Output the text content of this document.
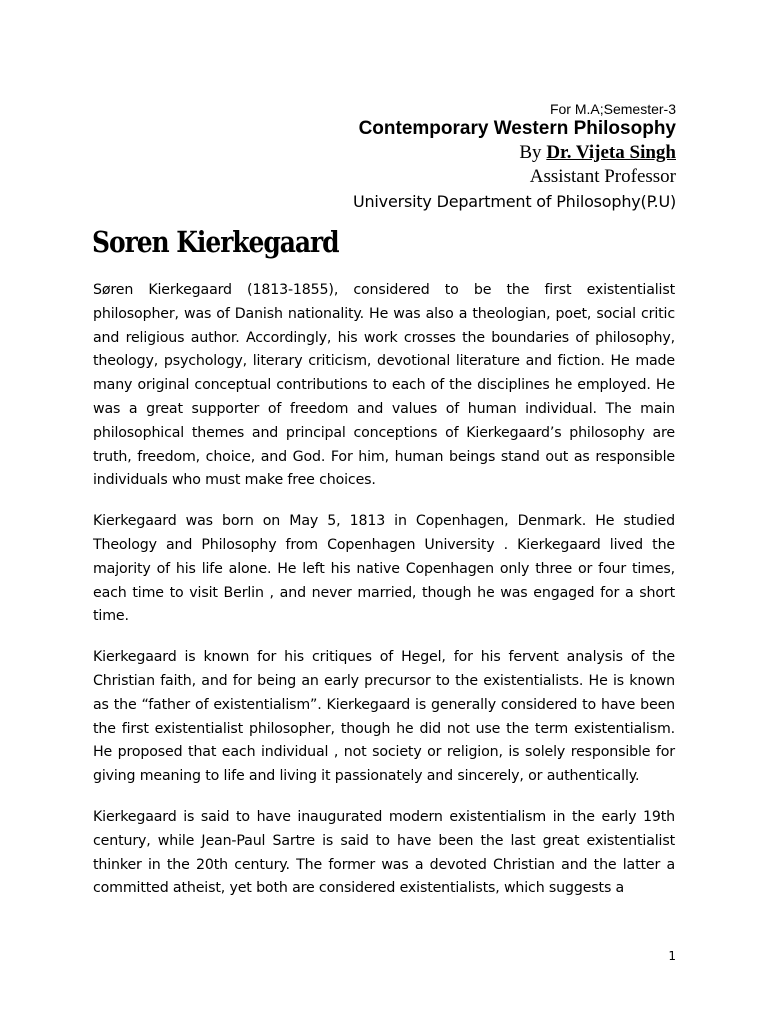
For M.A;Semester-3
Contemporary Western Philosophy
By Dr. Vijeta Singh
Assistant Professor
University Department of Philosophy(P.U)
Soren Kierkegaard

Søren Kierkegaard (1813-1855), considered to be the first existentialist philosopher, was of Danish nationality. He was also a theologian, poet, social critic and religious author. Accordingly, his work crosses the boundaries of philosophy, theology, psychology, literary criticism, devotional literature and fiction. He made many original conceptual contributions to each of the disciplines he employed. He was a great supporter of freedom and values of human individual. The main philosophical themes and principal conceptions of Kierkegaard’s philosophy are truth, freedom, choice, and God. For him, human beings stand out as responsible individuals who must make free choices.

Kierkegaard was born on May 5, 1813 in Copenhagen, Denmark. He studied Theology and Philosophy from Copenhagen University . Kierkegaard lived the majority of his life alone. He left his native Copenhagen only three or four times, each time to visit Berlin , and never married, though he was engaged for a short time.

Kierkegaard is known for his critiques of Hegel, for his fervent analysis of the Christian faith, and for being an early precursor to the existentialists. He is known as the “father of existentialism”. Kierkegaard is generally considered to have been the first existentialist philosopher, though he did not use the term existentialism. He proposed that each individual , not society or religion, is solely responsible for giving meaning to life and living it passionately and sincerely, or authentically.

Kierkegaard is said to have inaugurated modern existentialism in the early 19th century, while Jean-Paul Sartre is said to have been the last great existentialist thinker in the 20th century. The former was a devoted Christian and the latter a committed atheist, yet both are considered existentialists, which suggests a

1
